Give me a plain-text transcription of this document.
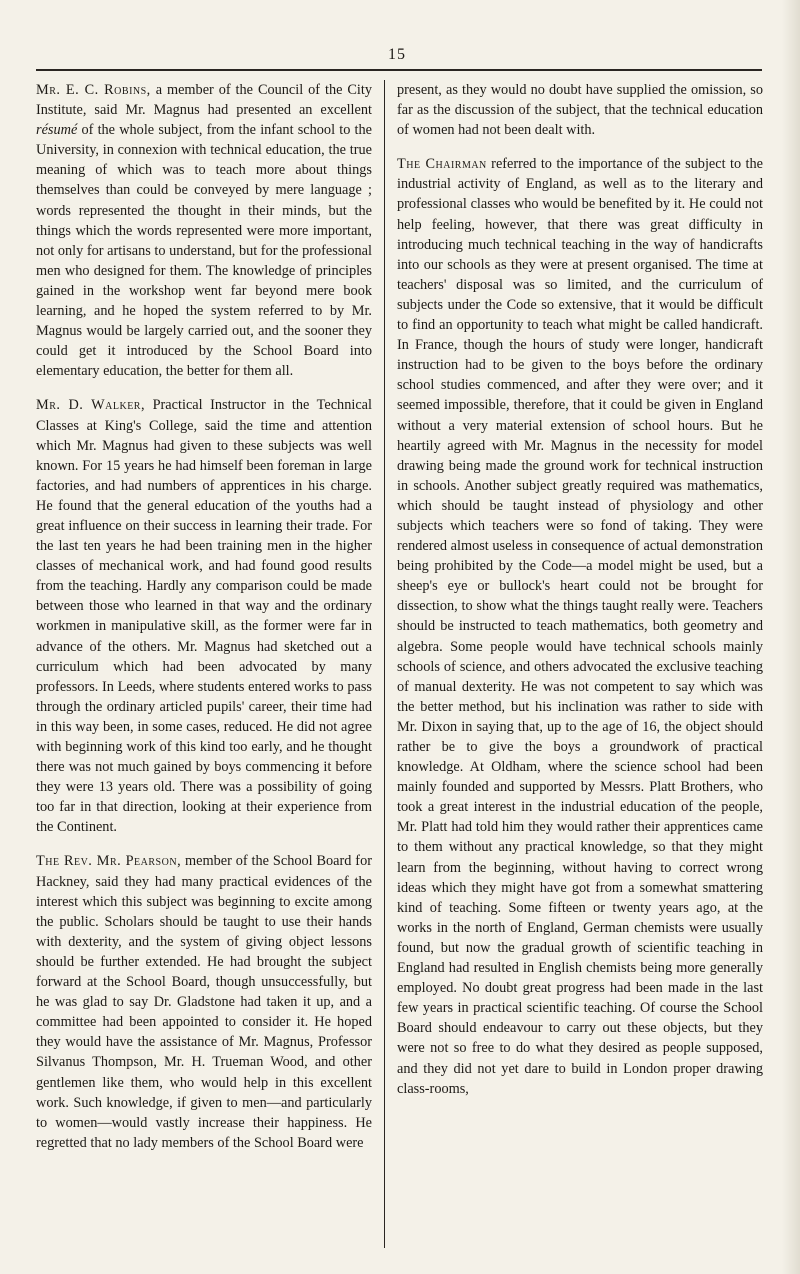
15

Mr. E. C. Robins, a member of the Council of the City Institute, said Mr. Magnus had presented an excellent résumé of the whole subject, from the infant school to the University, in connexion with technical education, the true meaning of which was to teach more about things themselves than could be conveyed by mere language ; words represented the thought in their minds, but the things which the words represented were more important, not only for artisans to understand, but for the professional men who designed for them. The knowledge of principles gained in the workshop went far beyond mere book learning, and he hoped the system referred to by Mr. Magnus would be largely carried out, and the sooner they could get it introduced by the School Board into elementary education, the better for them all.

Mr. D. Walker, Practical Instructor in the Technical Classes at King's College, said the time and attention which Mr. Magnus had given to these subjects was well known. For 15 years he had himself been foreman in large factories, and had numbers of apprentices in his charge. He found that the general education of the youths had a great influence on their success in learning their trade. For the last ten years he had been training men in the higher classes of mechanical work, and had found good results from the teaching. Hardly any comparison could be made between those who learned in that way and the ordinary workmen in manipulative skill, as the former were far in advance of the others. Mr. Magnus had sketched out a curriculum which had been advocated by many professors. In Leeds, where students entered works to pass through the ordinary articled pupils' career, their time had in this way been, in some cases, reduced. He did not agree with beginning work of this kind too early, and he thought there was not much gained by boys commencing it before they were 13 years old. There was a possibility of going too far in that direction, looking at their experience from the Continent.

The Rev. Mr. Pearson, member of the School Board for Hackney, said they had many practical evidences of the interest which this subject was beginning to excite among the public. Scholars should be taught to use their hands with dexterity, and the system of giving object lessons should be further extended. He had brought the subject forward at the School Board, though unsuccessfully, but he was glad to say Dr. Gladstone had taken it up, and a committee had been appointed to consider it. He hoped they would have the assistance of Mr. Magnus, Professor Silvanus Thompson, Mr. H. Trueman Wood, and other gentlemen like them, who would help in this excellent work. Such knowledge, if given to men—and particularly to women—would vastly increase their happiness. He regretted that no lady members of the School Board were

present, as they would no doubt have supplied the omission, so far as the discussion of the subject, that the technical education of women had not been dealt with.

The Chairman referred to the importance of the subject to the industrial activity of England, as well as to the literary and professional classes who would be benefited by it. He could not help feeling, however, that there was great difficulty in introducing much technical teaching in the way of handicrafts into our schools as they were at present organised. The time at teachers' disposal was so limited, and the curriculum of subjects under the Code so extensive, that it would be difficult to find an opportunity to teach what might be called handicraft. In France, though the hours of study were longer, handicraft instruction had to be given to the boys before the ordinary school studies commenced, and after they were over; and it seemed impossible, therefore, that it could be given in England without a very material extension of school hours. But he heartily agreed with Mr. Magnus in the necessity for model drawing being made the ground work for technical instruction in schools. Another subject greatly required was mathematics, which should be taught instead of physiology and other subjects which teachers were so fond of taking. They were rendered almost useless in consequence of actual demonstration being prohibited by the Code—a model might be used, but a sheep's eye or bullock's heart could not be brought for dissection, to show what the things taught really were. Teachers should be instructed to teach mathematics, both geometry and algebra. Some people would have technical schools mainly schools of science, and others advocated the exclusive teaching of manual dexterity. He was not competent to say which was the better method, but his inclination was rather to side with Mr. Dixon in saying that, up to the age of 16, the object should rather be to give the boys a groundwork of practical knowledge. At Oldham, where the science school had been mainly founded and supported by Messrs. Platt Brothers, who took a great interest in the industrial education of the people, Mr. Platt had told him they would rather their apprentices came to them without any practical knowledge, so that they might learn from the beginning, without having to correct wrong ideas which they might have got from a somewhat smattering kind of teaching. Some fifteen or twenty years ago, at the works in the north of England, German chemists were usually found, but now the gradual growth of scientific teaching in England had resulted in English chemists being more generally employed. No doubt great progress had been made in the last few years in practical scientific teaching. Of course the School Board should endeavour to carry out these objects, but they were not so free to do what they desired as people supposed, and they did not yet dare to build in London proper drawing class-rooms,
